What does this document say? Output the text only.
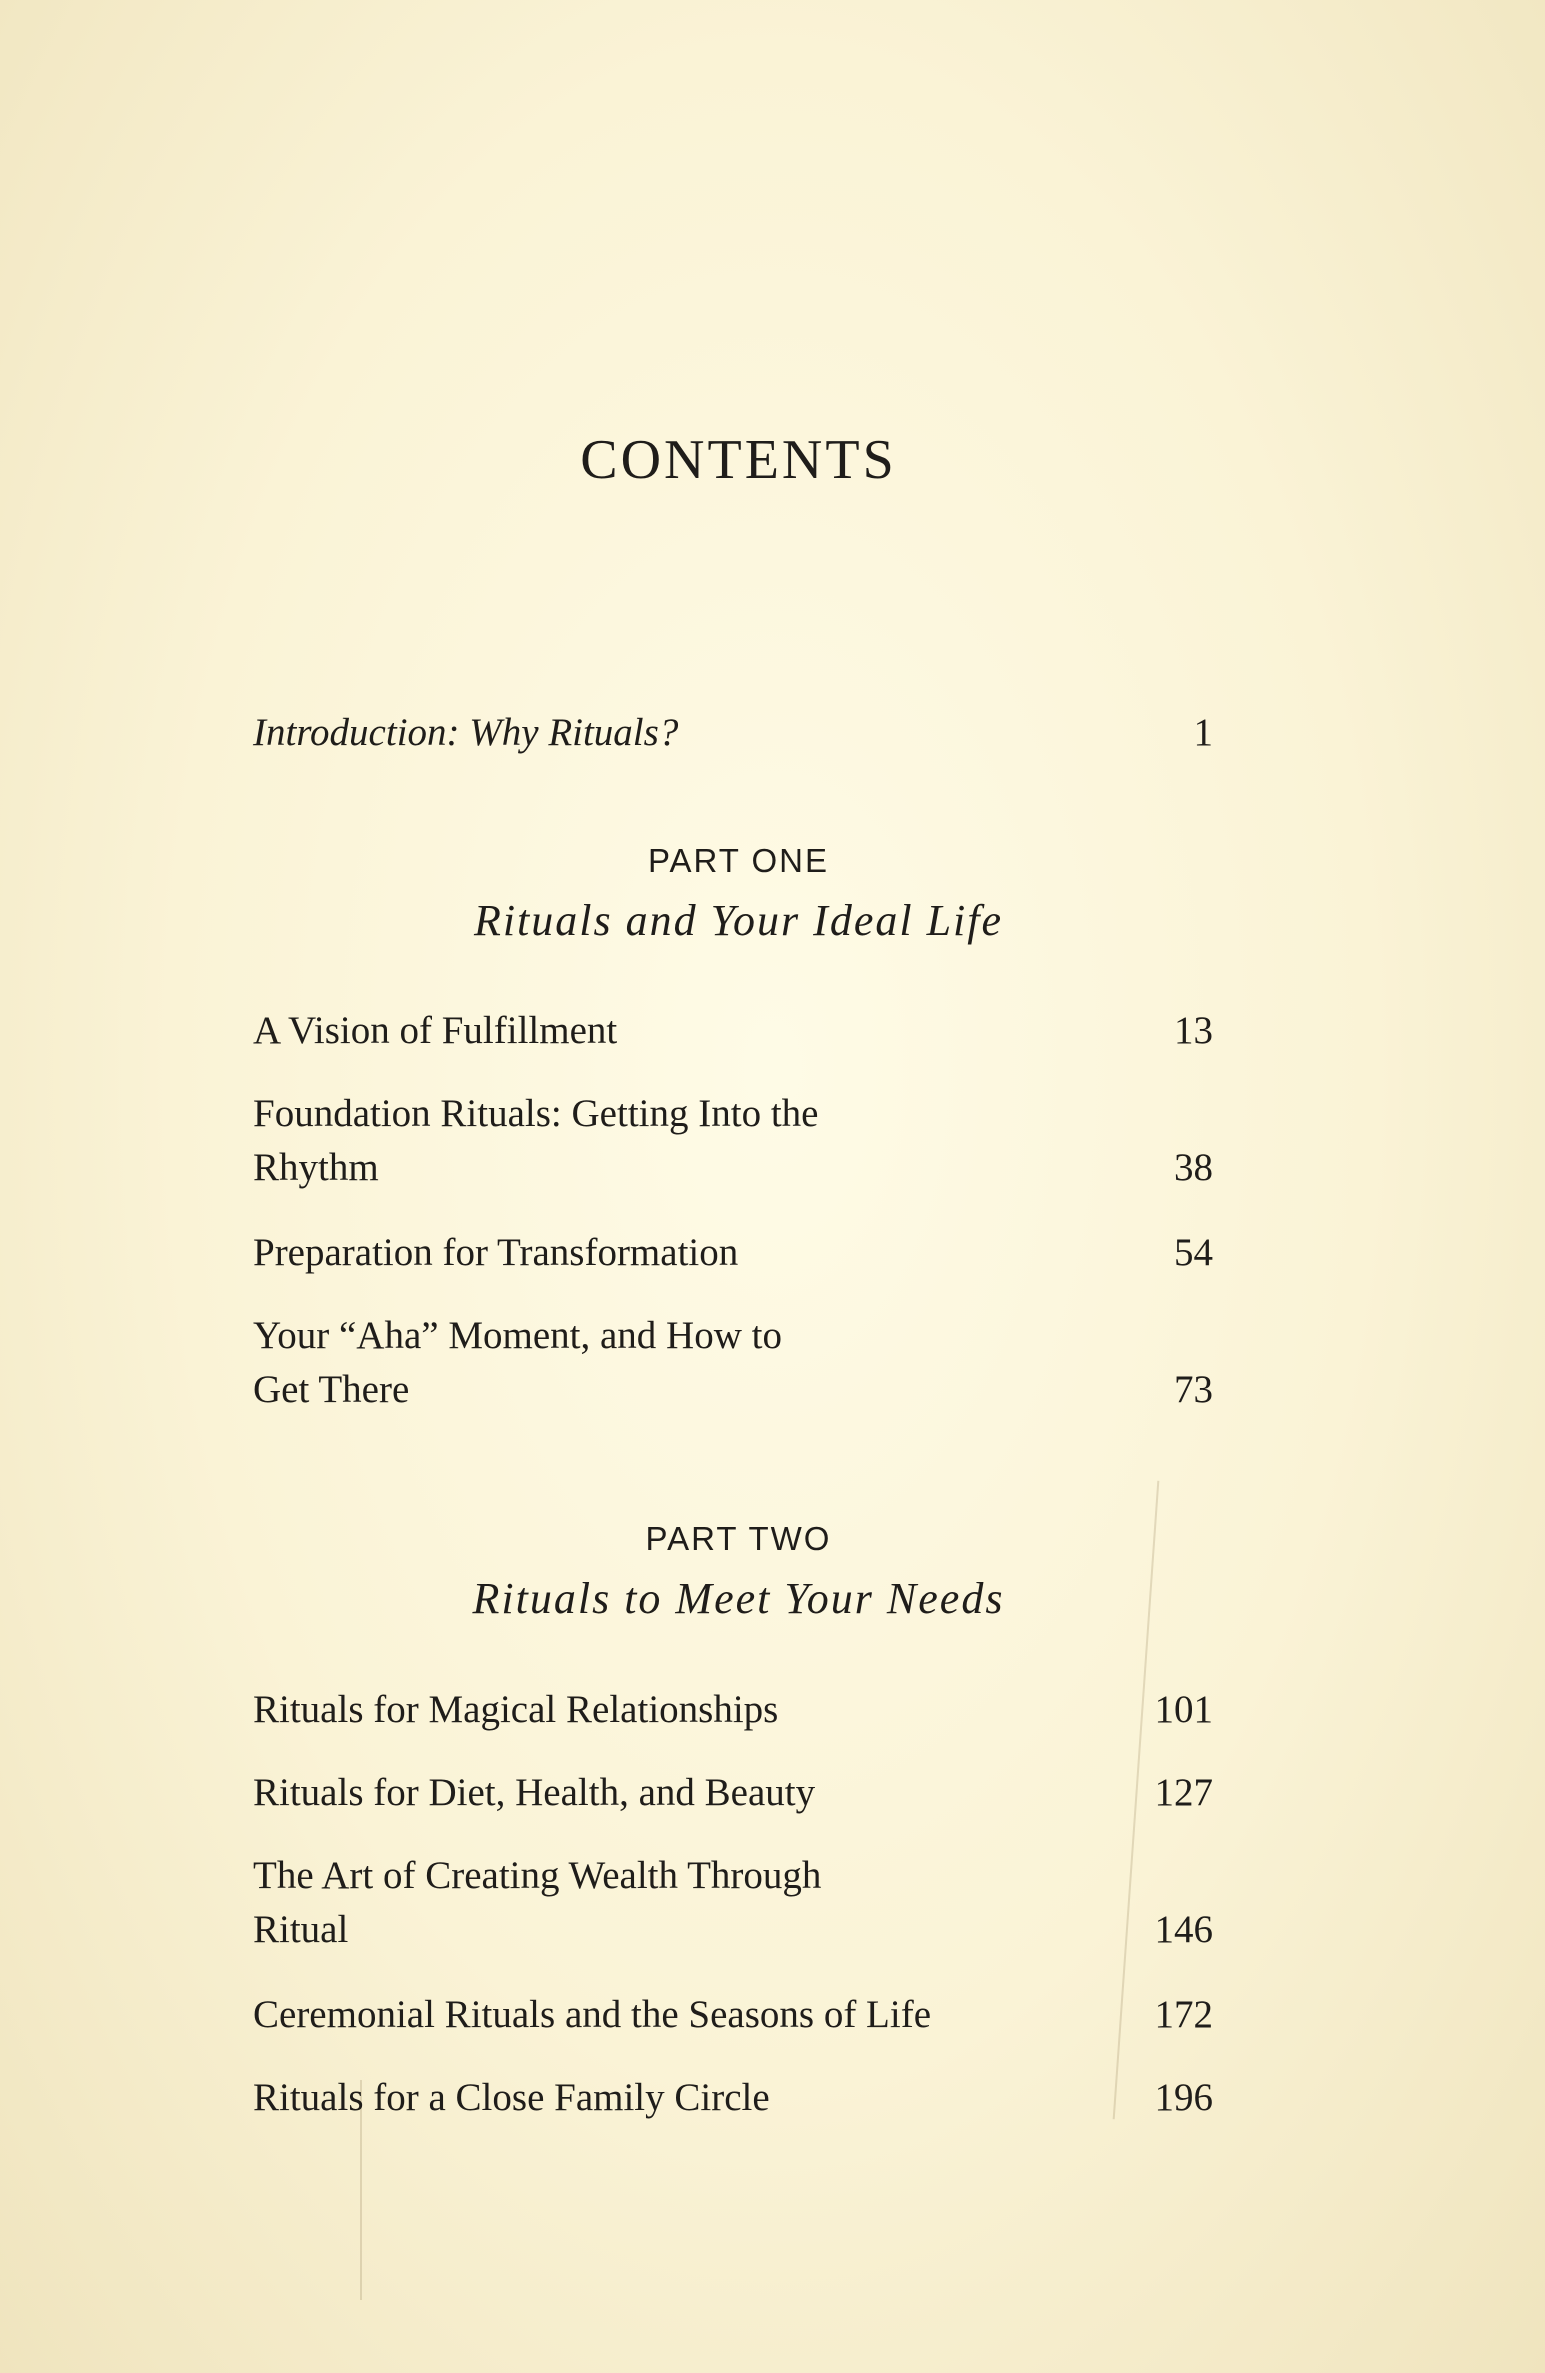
CONTENTS
Introduction: Why Rituals?	1
PART ONE
Rituals and Your Ideal Life
A Vision of Fulfillment	13
Foundation Rituals: Getting Into the Rhythm	38
Preparation for Transformation	54
Your “Aha” Moment, and How to Get There	73
PART TWO
Rituals to Meet Your Needs
Rituals for Magical Relationships	101
Rituals for Diet, Health, and Beauty	127
The Art of Creating Wealth Through Ritual	146
Ceremonial Rituals and the Seasons of Life	172
Rituals for a Close Family Circle	196
